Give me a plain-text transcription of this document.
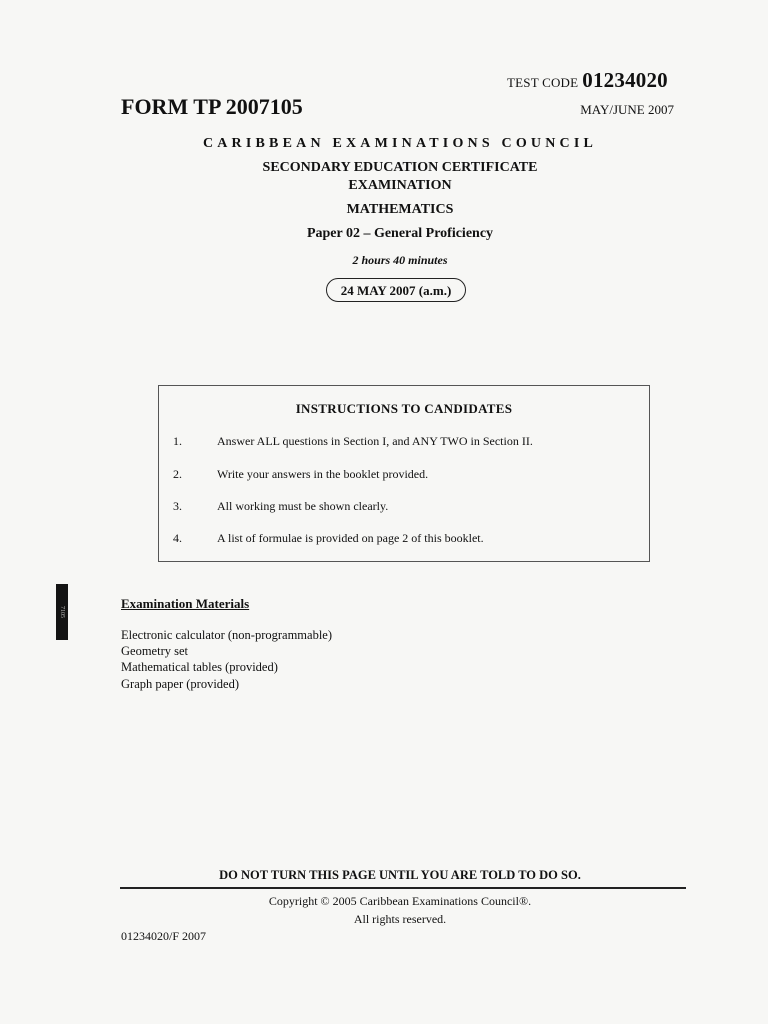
TEST CODE 01234020
FORM TP 2007105	MAY/JUNE 2007
CARIBBEAN EXAMINATIONS COUNCIL
SECONDARY EDUCATION CERTIFICATE
EXAMINATION
MATHEMATICS
Paper 02 – General Proficiency
2 hours 40 minutes
24 MAY 2007 (a.m.)
INSTRUCTIONS TO CANDIDATES
1.	Answer ALL questions in Section I, and ANY TWO in Section II.
2.	Write your answers in the booklet provided.
3.	All working must be shown clearly.
4.	A list of formulae is provided on page 2 of this booklet.
7105
Examination Materials
Electronic calculator (non-programmable)
Geometry set
Mathematical tables (provided)
Graph paper (provided)
DO NOT TURN THIS PAGE UNTIL YOU ARE TOLD TO DO SO.
Copyright © 2005 Caribbean Examinations Council®.
All rights reserved.
01234020/F 2007
